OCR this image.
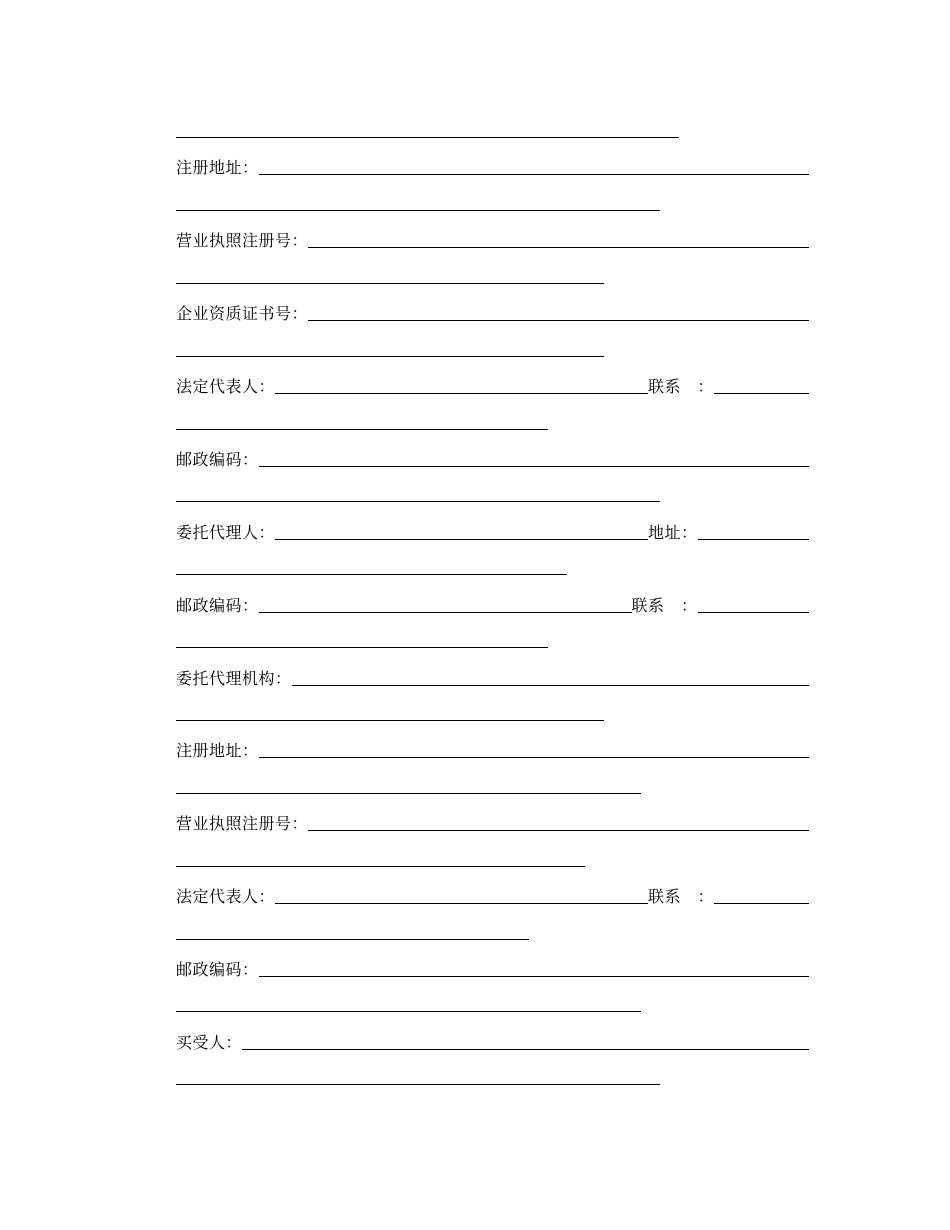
注册地址：
营业执照注册号：
企业资质证书号：
法定代表人：	联系　：
邮政编码：
委托代理人：	地址：
邮政编码：	联系　：
委托代理机构：
注册地址：
营业执照注册号：
法定代表人：	联系　：
邮政编码：
买受人：
